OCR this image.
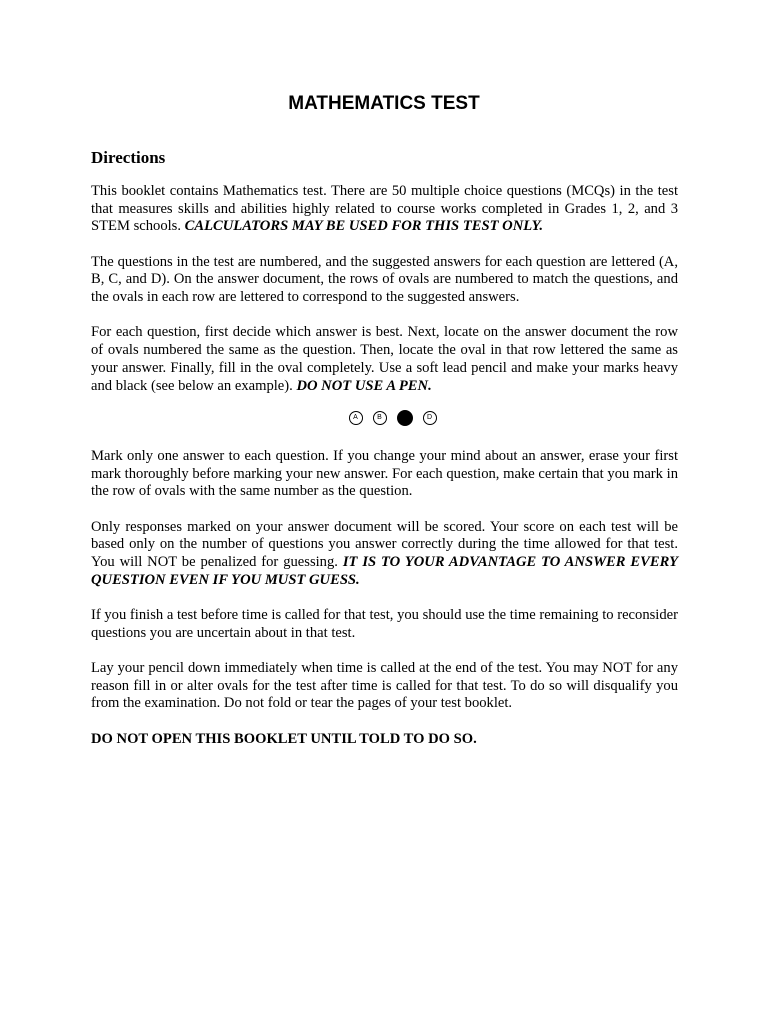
MATHEMATICS TEST
Directions

This booklet contains Mathematics test. There are 50 multiple choice questions (MCQs) in the test that measures skills and abilities highly related to course works completed in Grades 1, 2, and 3 STEM schools. CALCULATORS MAY BE USED FOR THIS TEST ONLY.

The questions in the test are numbered, and the suggested answers for each question are lettered (A, B, C, and D). On the answer document, the rows of ovals are numbered to match the questions, and the ovals in each row are lettered to correspond to the suggested answers.

For each question, first decide which answer is best. Next, locate on the answer document the row of ovals numbered the same as the question. Then, locate the oval in that row lettered the same as your answer. Finally, fill in the oval completely. Use a soft lead pencil and make your marks heavy and black (see below an example). DO NOT USE A PEN.

A	B	D

Mark only one answer to each question. If you change your mind about an answer, erase your first mark thoroughly before marking your new answer. For each question, make certain that you mark in the row of ovals with the same number as the question.

Only responses marked on your answer document will be scored. Your score on each test will be based only on the number of questions you answer correctly during the time allowed for that test. You will NOT be penalized for guessing. IT IS TO YOUR ADVANTAGE TO ANSWER EVERY QUESTION EVEN IF YOU MUST GUESS.

If you finish a test before time is called for that test, you should use the time remaining to reconsider questions you are uncertain about in that test.

Lay your pencil down immediately when time is called at the end of the test. You may NOT for any reason fill in or alter ovals for the test after time is called for that test. To do so will disqualify you from the examination. Do not fold or tear the pages of your test booklet.

DO NOT OPEN THIS BOOKLET UNTIL TOLD TO DO SO.
